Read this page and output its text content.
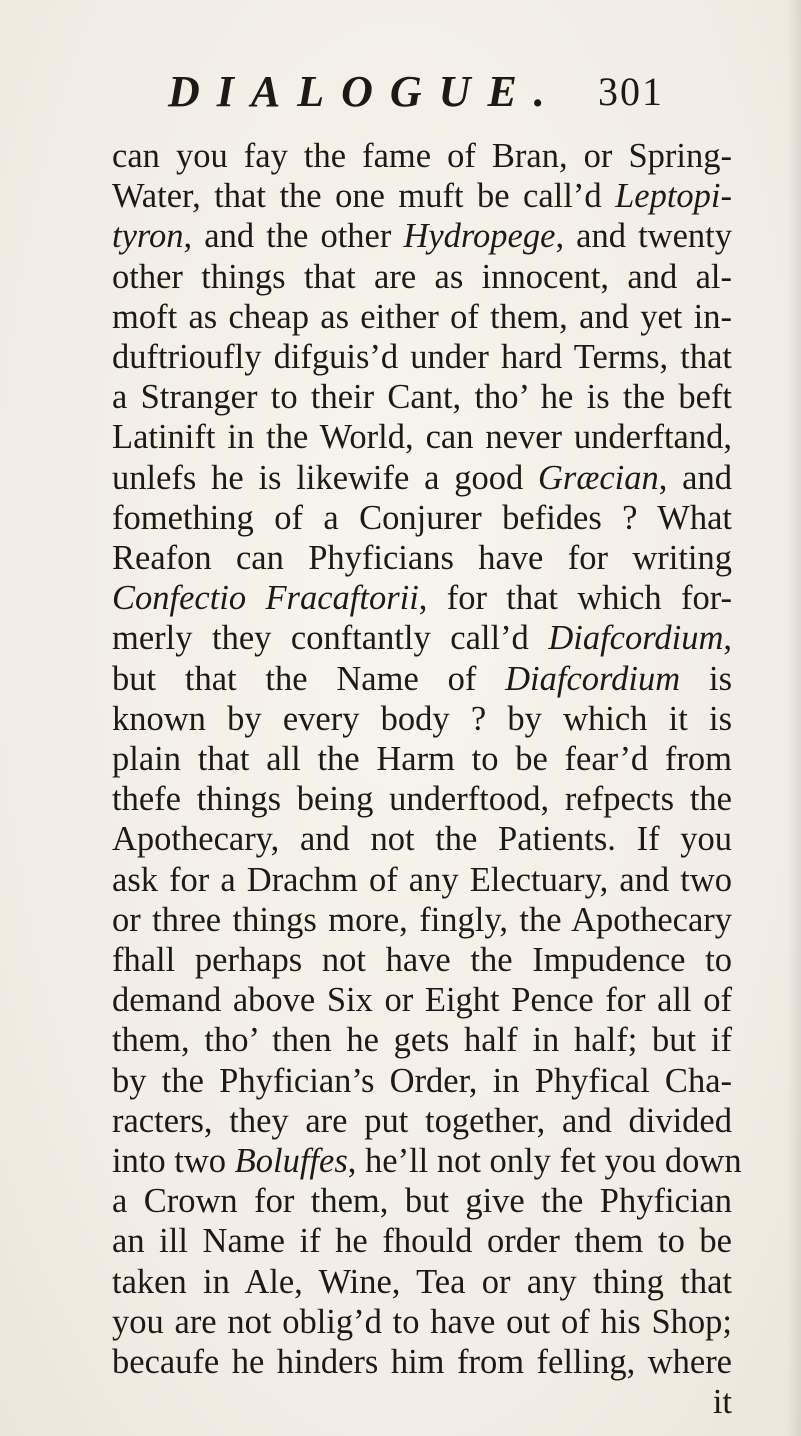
DIALOGUE. 301
can you fay the fame of Bran, or Spring-
Water, that the one muft be call’d Leptopi-
tyron, and the other Hydropege, and twenty
other things that are as innocent, and al-
moft as cheap as either of them, and yet in-
duftrioufly difguis’d under hard Terms, that
a Stranger to their Cant, tho’ he is the beft
Latinift in the World, can never underftand,
unlefs he is likewife a good Græcian, and
fomething of a Conjurer befides ? What
Reafon can Phyficians have for writing
Confectio Fracaftorii, for that which for-
merly they conftantly call’d Diafcordium,
but that the Name of Diafcordium is
known by every body ? by which it is
plain that all the Harm to be fear’d from
thefe things being underftood, refpects the
Apothecary, and not the Patients. If you
ask for a Drachm of any Electuary, and two
or three things more, fingly, the Apothecary
fhall perhaps not have the Impudence to
demand above Six or Eight Pence for all of
them, tho’ then he gets half in half; but if
by the Phyfician’s Order, in Phyfical Cha-
racters, they are put together, and divided
into two Boluffes, he’ll not only fet you down
a Crown for them, but give the Phyfician
an ill Name if he fhould order them to be
taken in Ale, Wine, Tea or any thing that
you are not oblig’d to have out of his Shop;
becaufe he hinders him from felling, where
it
